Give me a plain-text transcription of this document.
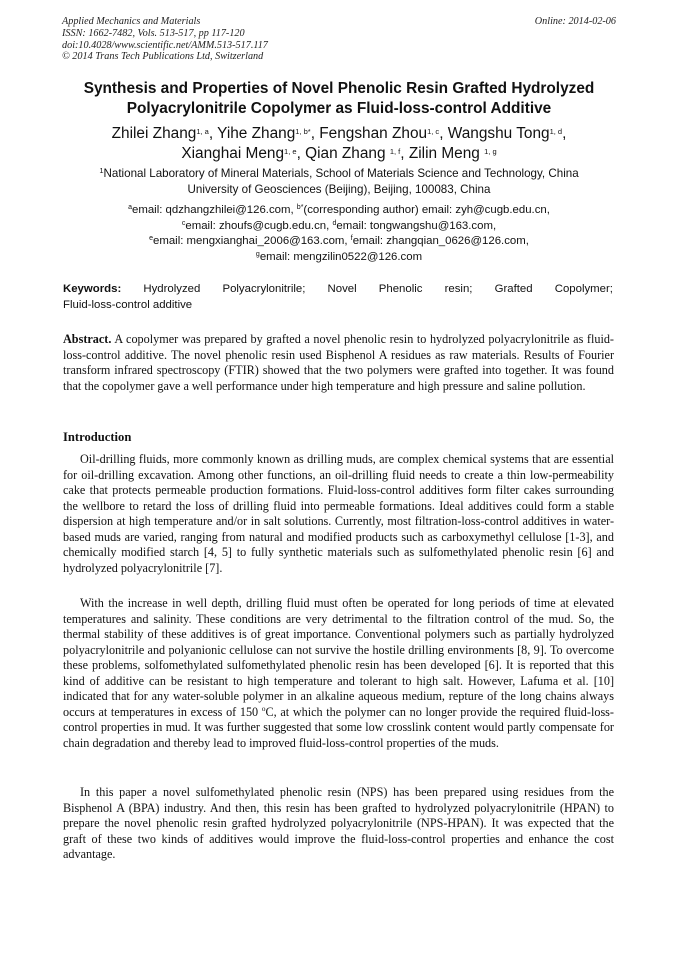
Applied Mechanics and Materials
ISSN: 1662-7482, Vols. 513-517, pp 117-120
doi:10.4028/www.scientific.net/AMM.513-517.117
© 2014 Trans Tech Publications Ltd, Switzerland
Online: 2014-02-06
Synthesis and Properties of Novel Phenolic Resin Grafted Hydrolyzed
Polyacrylonitrile Copolymer as Fluid-loss-control Additive
Zhilei Zhang$^{1, a}$, Yihe Zhang$^{1, b*}$, Fengshan Zhou$^{1, c}$, Wangshu Tong$^{1, d}$,
Xianghai Meng$^{1, e}$, Qian Zhang $^{1, f}$, Zilin Meng $^{1, g}$
$^1$National Laboratory of Mineral Materials, School of Materials Science and Technology, China
University of Geosciences (Beijing), Beijing, 100083, China
$^a$email: qdzhangzhilei@126.com, $^{b*}$(corresponding author) email: zyh@cugb.edu.cn,
$^c$email: zhoufs@cugb.edu.cn, $^d$email: tongwangshu@163.com,
$^e$email: mengxianghai_2006@163.com, $^f$email: zhangqian_0626@126.com,
$^g$email: mengzilin0522@126.com
Keywords: Hydrolyzed Polyacrylonitrile; Novel Phenolic resin; Grafted Copolymer;
Fluid-loss-control additive

Abstract. A copolymer was prepared by grafted a novel phenolic resin to hydrolyzed polyacrylonitrile as fluid-loss-control additive. The novel phenolic resin used Bisphenol A residues as raw materials. Results of Fourier transform infrared spectroscopy (FTIR) showed that the two polymers were grafted into together. It was found that the copolymer gave a well performance under high temperature and high pressure and saline pollution.

Introduction

Oil-drilling fluids, more commonly known as drilling muds, are complex chemical systems that are essential for oil-drilling excavation. Among other functions, an oil-drilling fluid needs to create a thin low-permeability cake that protects permeable production formations. Fluid-loss-control additives form filter cakes surrounding the wellbore to retard the loss of drilling fluid into permeable formations. Ideal additives could form a stable dispersion at high temperature and/or in salt solutions. Currently, most filtration-loss-control additives in water-based muds are varied, ranging from natural and modified products such as carboxymethyl cellulose [1-3], and chemically modified starch [4, 5] to fully synthetic materials such as sulfomethylated phenolic resin [6] and hydrolyzed polyacrylonitrile [7].

With the increase in well depth, drilling fluid must often be operated for long periods of time at elevated temperatures and salinity. These conditions are very detrimental to the filtration control of the mud. So, the thermal stability of these additives is of great importance. Conventional polymers such as partially hydrolyzed polyacrylonitrile and polyanionic cellulose can not survive the hostile drilling environments [8, 9]. To overcome these problems, solfomethylated sulfomethylated phenolic resin has been developed [6]. It is reported that this kind of additive can be resistant to high temperature and tolerant to high salt. However, Lafuma et al. [10] indicated that for any water-soluble polymer in an alkaline aqueous medium, repture of the long chains always occurs at temperatures in excess of 150 $^o$C, at which the polymer can no longer provide the required fluid-loss-control properties in mud. It was further suggested that some low crosslink content would partly compensate for chain degradation and thereby lead to improved fluid-loss-control properties of the muds.

In this paper a novel sulfomethylated phenolic resin (NPS) has been prepared using residues from the Bisphenol A (BPA) industry. And then, this resin has been grafted to hydrolyzed polyacrylonitrile (HPAN) to prepare the novel phenolic resin grafted hydrolyzed polyacrylonitrile (NPS-HPAN). It was expected that the graft of these two kinds of additives would improve the fluid-loss-control properties and enhance the cost advantage.
